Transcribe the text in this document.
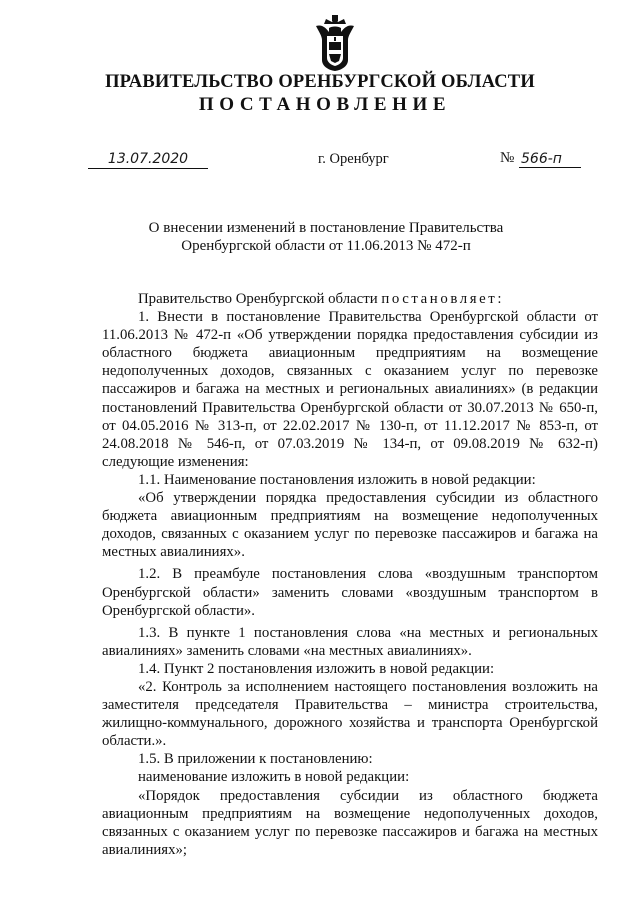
ПРАВИТЕЛЬСТВО ОРЕНБУРГСКОЙ ОБЛАСТИ
ПОСТАНОВЛЕНИЕ
13.07.2020	г. Оренбург	№ 566-п
О внесении изменений в постановление Правительства
Оренбургской области от 11.06.2013 № 472-п

Правительство Оренбургской области постановляет:

1. Внести в постановление Правительства Оренбургской области от 11.06.2013 № 472-п «Об утверждении порядка предоставления субсидии из областного бюджета авиационным предприятиям на возмещение недополученных доходов, связанных с оказанием услуг по перевозке пассажиров и багажа на местных и региональных авиалиниях» (в редакции постановлений Правительства Оренбургской области от 30.07.2013 № 650-п, от 04.05.2016 № 313-п, от 22.02.2017 № 130-п, от 11.12.2017 № 853-п, от 24.08.2018 № 546-п, от 07.03.2019 № 134-п, от 09.08.2019 № 632-п) следующие изменения:

1.1. Наименование постановления изложить в новой редакции:

«Об утверждении порядка предоставления субсидии из областного бюджета авиационным предприятиям на возмещение недополученных доходов, связанных с оказанием услуг по перевозке пассажиров и багажа на местных авиалиниях».

1.2. В преамбуле постановления слова «воздушным транспортом Оренбургской области» заменить словами «воздушным транспортом в Оренбургской области».

1.3. В пункте 1 постановления слова «на местных и региональных авиалиниях» заменить словами «на местных авиалиниях».

1.4. Пункт 2 постановления изложить в новой редакции:

«2. Контроль за исполнением настоящего постановления возложить на заместителя председателя Правительства – министра строительства, жилищно-коммунального, дорожного хозяйства и транспорта Оренбургской области.».

1.5. В приложении к постановлению:

наименование изложить в новой редакции:

«Порядок предоставления субсидии из областного бюджета авиационным предприятиям на возмещение недополученных доходов, связанных с оказанием услуг по перевозке пассажиров и багажа на местных авиалиниях»;
